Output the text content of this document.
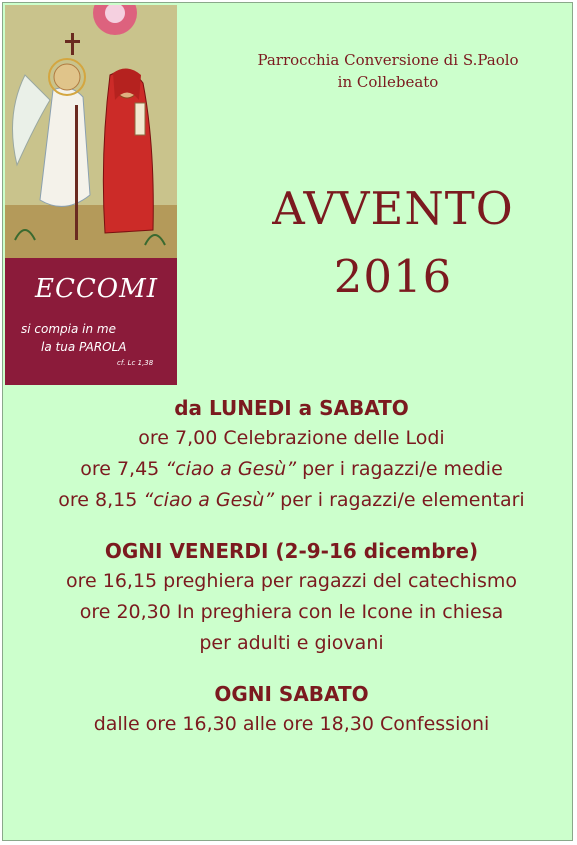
ECCOMI
si compia in me
la tua PAROLA
cf. Lc 1,38
Parrocchia Conversione di S.Paolo
in Collebeato
AVVENTO
2016
da LUNEDI a SABATO
ore 7,00 Celebrazione delle Lodi
ore 7,45 “ciao a Gesù” per i ragazzi/e medie
ore 8,15 “ciao a Gesù” per i ragazzi/e elementari
OGNI VENERDI (2-9-16 dicembre)
ore 16,15 preghiera per ragazzi del catechismo
ore 20,30 In preghiera con le Icone in chiesa
per adulti e giovani
OGNI SABATO
dalle ore 16,30 alle ore 18,30 Confessioni
